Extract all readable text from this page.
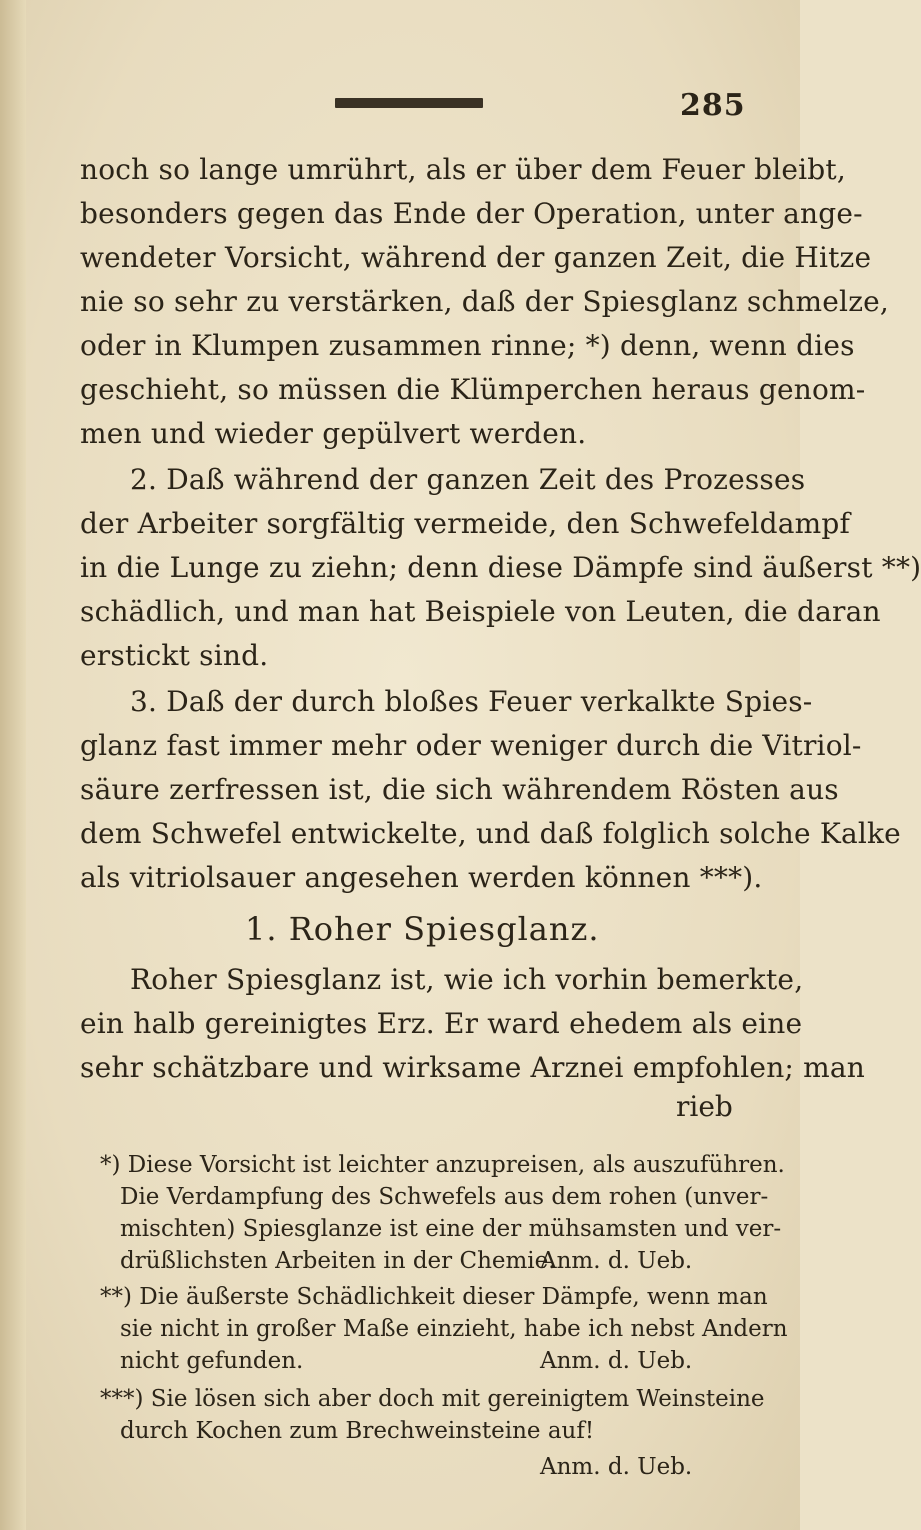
285
noch so lange umrührt, als er über dem Feuer bleibt,
besonders gegen das Ende der Operation, unter ange-
wendeter Vorsicht, während der ganzen Zeit, die Hitze
nie so sehr zu verstärken, daß der Spiesglanz schmelze,
oder in Klumpen zusammen rinne; *) denn, wenn dies
geschieht, so müssen die Klümperchen heraus genom-
men und wieder gepülvert werden.
2. Daß während der ganzen Zeit des Prozesses
der Arbeiter sorgfältig vermeide, den Schwefeldampf
in die Lunge zu ziehn; denn diese Dämpfe sind äußerst **)
schädlich, und man hat Beispiele von Leuten, die daran
erstickt sind.
3. Daß der durch bloßes Feuer verkalkte Spies-
glanz fast immer mehr oder weniger durch die Vitriol-
säure zerfressen ist, die sich währendem Rösten aus
dem Schwefel entwickelte, und daß folglich solche Kalke
als vitriolsauer angesehen werden können ***).
1. Roher Spiesglanz.
Roher Spiesglanz ist, wie ich vorhin bemerkte,
ein halb gereinigtes Erz. Er ward ehedem als eine
sehr schätzbare und wirksame Arznei empfohlen; man
rieb
*) Diese Vorsicht ist leichter anzupreisen, als auszuführen.
Die Verdampfung des Schwefels aus dem rohen (unver-
mischten) Spiesglanze ist eine der mühsamsten und ver-
drüßlichsten Arbeiten in der Chemie.
Anm. d. Ueb.
**) Die äußerste Schädlichkeit dieser Dämpfe, wenn man
sie nicht in großer Maße einzieht, habe ich nebst Andern
nicht gefunden.	Anm. d. Ueb.
***) Sie lösen sich aber doch mit gereinigtem Weinsteine
durch Kochen zum Brechweinsteine auf!
Anm. d. Ueb.
